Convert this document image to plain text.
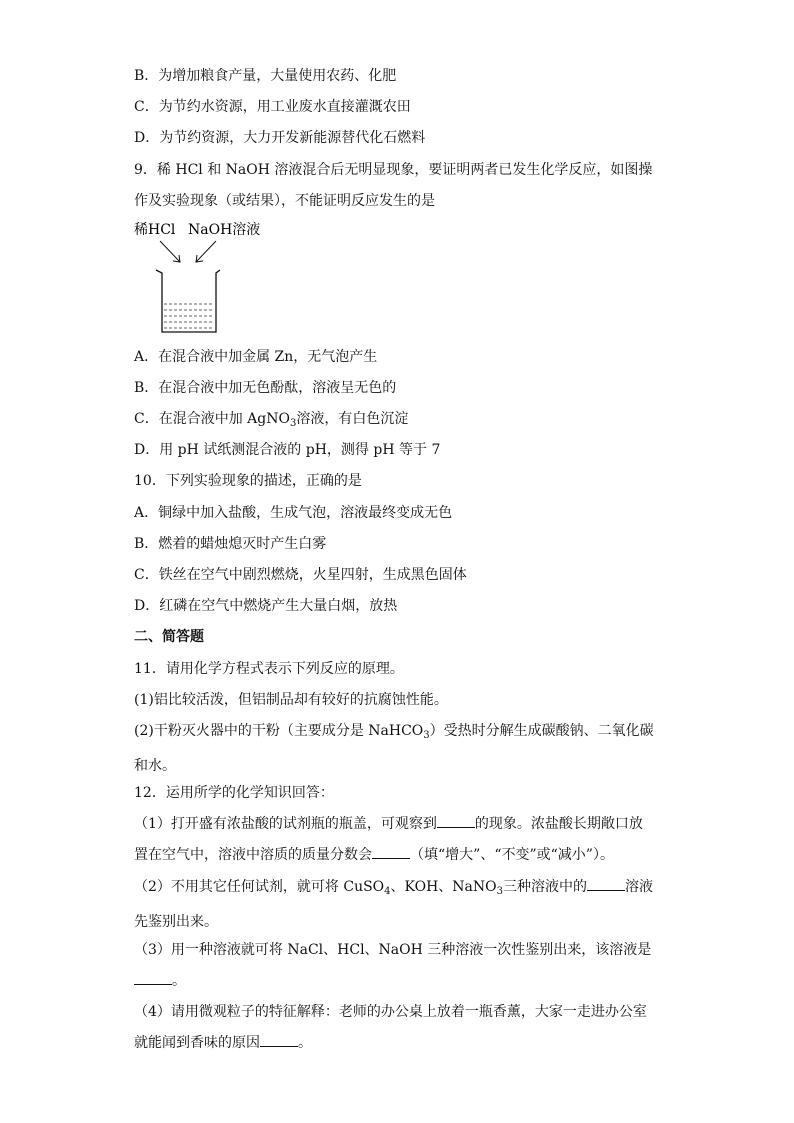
B．为增加粮食产量，大量使用农药、化肥
C．为节约水资源，用工业废水直接灌溉农田
D．为节约资源，大力开发新能源替代化石燃料
9．稀 HCl 和 NaOH 溶液混合后无明显现象，要证明两者已发生化学反应，如图操作及实验现象（或结果），不能证明反应发生的是
稀HCl NaOH溶液
A．在混合液中加金属 Zn，无气泡产生
B．在混合液中加无色酚酞，溶液呈无色的
C．在混合液中加 AgNO$_3$溶液，有白色沉淀
D．用 pH 试纸测混合液的 pH，测得 pH 等于 7
10．下列实验现象的描述，正确的是
A．铜绿中加入盐酸，生成气泡，溶液最终变成无色
B．燃着的蜡烛熄灭时产生白雾
C．铁丝在空气中剧烈燃烧，火星四射，生成黑色固体
D．红磷在空气中燃烧产生大量白烟，放热
二、简答题
11．请用化学方程式表示下列反应的原理。
(1)铝比较活泼，但铝制品却有较好的抗腐蚀性能。
(2)干粉灭火器中的干粉（主要成分是 NaHCO$_3$）受热时分解生成碳酸钠、二氧化碳和水。
12．运用所学的化学知识回答：
（1）打开盛有浓盐酸的试剂瓶的瓶盖，可观察到	的现象。浓盐酸长期敞口放置在空气中，溶液中溶质的质量分数会	（填“增大”、“不变”或“减小”）。
（2）不用其它任何试剂，就可将 CuSO$_4$、KOH、NaNO$_3$三种溶液中的	溶液先鉴别出来。
（3）用一种溶液就可将 NaCl、HCl、NaOH 三种溶液一次性鉴别出来，该溶液是
。
（4）请用微观粒子的特征解释：老师的办公桌上放着一瓶香薰，大家一走进办公室就能闻到香味的原因	。
